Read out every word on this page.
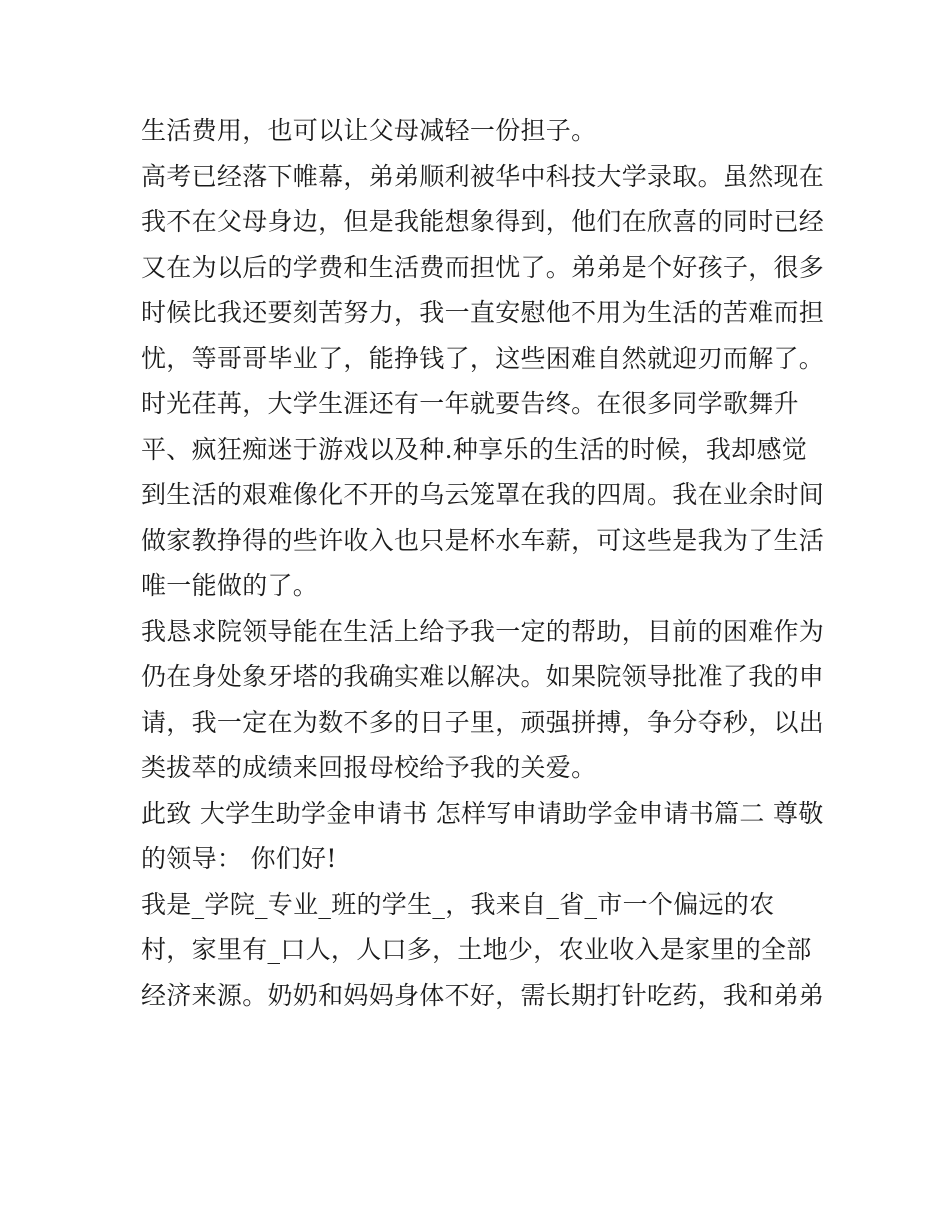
生活费用，也可以让父母减轻一份担子。
高考已经落下帷幕，弟弟顺利被华中科技大学录取。虽然现在
我不在父母身边，但是我能想象得到，他们在欣喜的同时已经
又在为以后的学费和生活费而担忧了。弟弟是个好孩子，很多
时候比我还要刻苦努力，我一直安慰他不用为生活的苦难而担
忧，等哥哥毕业了，能挣钱了，这些困难自然就迎刃而解了。
时光荏苒，大学生涯还有一年就要告终。在很多同学歌舞升
平、疯狂痴迷于游戏以及种.种享乐的生活的时候，我却感觉
到生活的艰难像化不开的乌云笼罩在我的四周。我在业余时间
做家教挣得的些许收入也只是杯水车薪，可这些是我为了生活
唯一能做的了。
我恳求院领导能在生活上给予我一定的帮助，目前的困难作为
仍在身处象牙塔的我确实难以解决。如果院领导批准了我的申
请，我一定在为数不多的日子里，顽强拼搏，争分夺秒，以出
类拔萃的成绩来回报母校给予我的关爱。
此致 大学生助学金申请书 怎样写申请助学金申请书篇二 尊敬
的领导： 你们好!
我是_学院_专业_班的学生_，我来自_省_市一个偏远的农
村，家里有_口人，人口多，土地少，农业收入是家里的全部
经济来源。奶奶和妈妈身体不好，需长期打针吃药，我和弟弟
